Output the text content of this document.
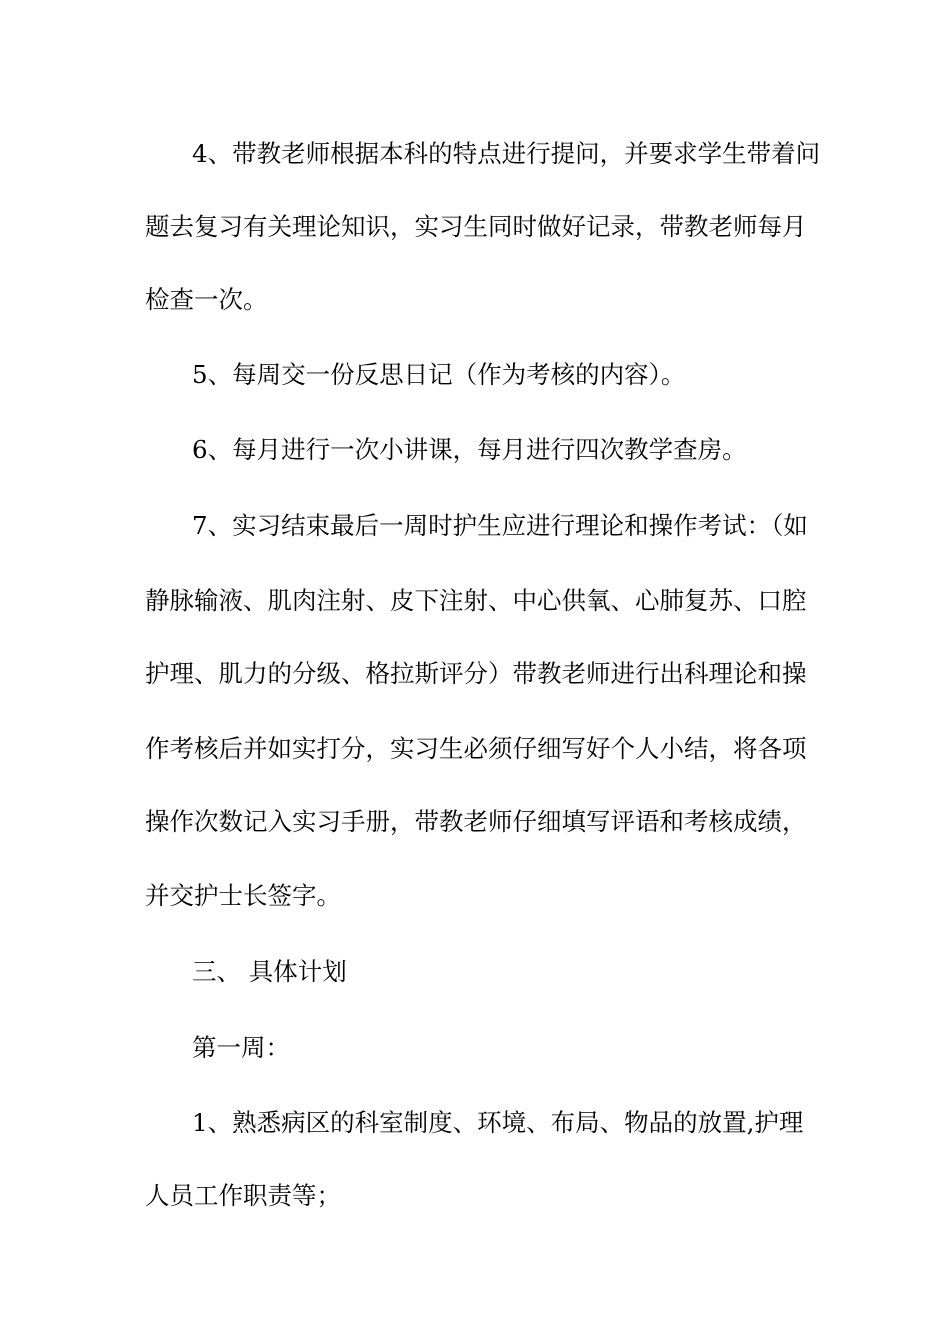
4、带教老师根据本科的特点进行提问，并要求学生带着问
题去复习有关理论知识，实习生同时做好记录，带教老师每月
检查一次。
5、每周交一份反思日记（作为考核的内容）。
6、每月进行一次小讲课，每月进行四次教学查房。
7、实习结束最后一周时护生应进行理论和操作考试：（如
静脉输液、肌肉注射、皮下注射、中心供氧、心肺复苏、口腔
护理、肌力的分级、格拉斯评分）带教老师进行出科理论和操
作考核后并如实打分，实习生必须仔细写好个人小结，将各项
操作次数记入实习手册，带教老师仔细填写评语和考核成绩，
并交护士长签字。
三、 具体计划
第一周：
1、熟悉病区的科室制度、环境、布局、物品的放置,护理
人员工作职责等；
